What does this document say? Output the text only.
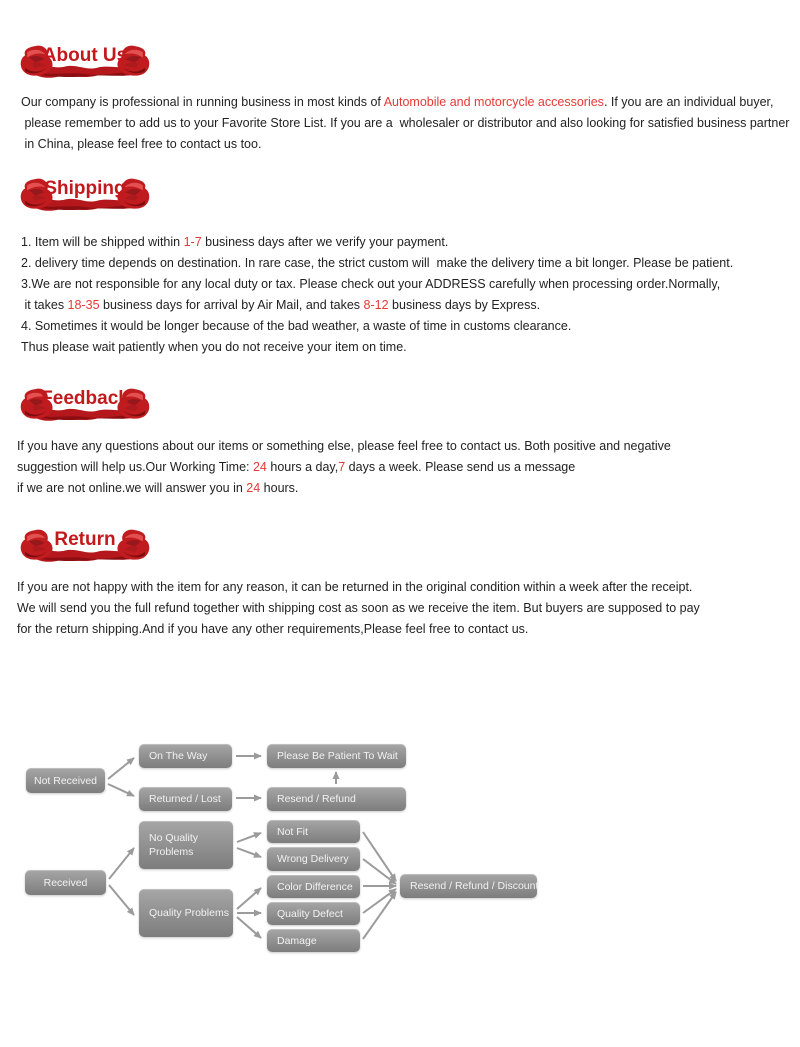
About Us

Our company is professional in running business in most kinds of Automobile and motorcycle accessories. If you are an individual buyer,

please remember to add us to your Favorite Store List. If you are a  wholesaler or distributor and also looking for satisfied business partner

in China, please feel free to contact us too.

Shipping

1. Item will be shipped within 1-7 business days after we verify your payment.

2. delivery time depends on destination. In rare case, the strict custom will  make the delivery time a bit longer. Please be patient.

3.We are not responsible for any local duty or tax. Please check out your ADDRESS carefully when processing order.Normally,

it takes 18-35 business days for arrival by Air Mail, and takes 8-12 business days by Express.

4. Sometimes it would be longer because of the bad weather, a waste of time in customs clearance.

Thus please wait patiently when you do not receive your item on time.

Feedback

If you have any questions about our items or something else, please feel free to contact us. Both positive and negative

suggestion will help us.Our Working Time: 24 hours a day,7 days a week. Please send us a message

if we are not online.we will answer you in 24 hours.

Return

If you are not happy with the item for any reason, it can be returned in the original condition within a week after the receipt.

We will send you the full refund together with shipping cost as soon as we receive the item. But buyers are supposed to pay

for the return shipping.And if you have any other requirements,Please feel free to contact us.

Not Received
On The Way
Returned / Lost
Please Be Patient To Wait
Resend / Refund
Received
No Quality Problems
Quality Problems
Not Fit
Wrong Delivery
Color Difference
Quality Defect
Damage
Resend / Refund / Discount
